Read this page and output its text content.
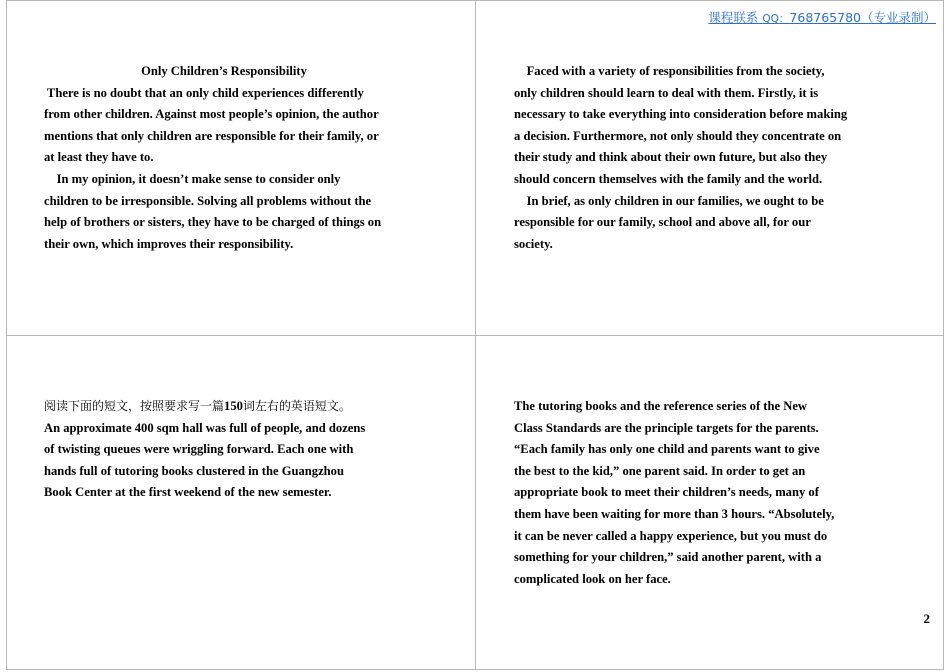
课程联系 QQ：768765780（专业录制）
Only Children’s Responsibility
There is no doubt that an only child experiences differently
from other children. Against most people’s opinion, the author
mentions that only children are responsible for their family, or
at least they have to.
In my opinion, it doesn’t make sense to consider only
children to be irresponsible. Solving all problems without the
help of brothers or sisters, they have to be charged of things on
their own, which improves their responsibility.
Faced with a variety of responsibilities from the society,
only children should learn to deal with them. Firstly, it is
necessary to take everything into consideration before making
a decision. Furthermore, not only should they concentrate on
their study and think about their own future, but also they
should concern themselves with the family and the world.
In brief, as only children in our families, we ought to be
responsible for our family, school and above all, for our
society.
阅读下面的短文，按照要求写一篇150词左右的英语短文。
An approximate 400 sqm hall was full of people, and dozens
of twisting queues were wriggling forward. Each one with
hands full of tutoring books clustered in the Guangzhou
Book Center at the first weekend of the new semester.
The tutoring books and the reference series of the New
Class Standards are the principle targets for the parents.
“Each family has only one child and parents want to give
the best to the kid,” one parent said. In order to get an
appropriate book to meet their children’s needs, many of
them have been waiting for more than 3 hours. “Absolutely,
it can be never called a happy experience, but you must do
something for your children,” said another parent, with a
complicated look on her face.
2
